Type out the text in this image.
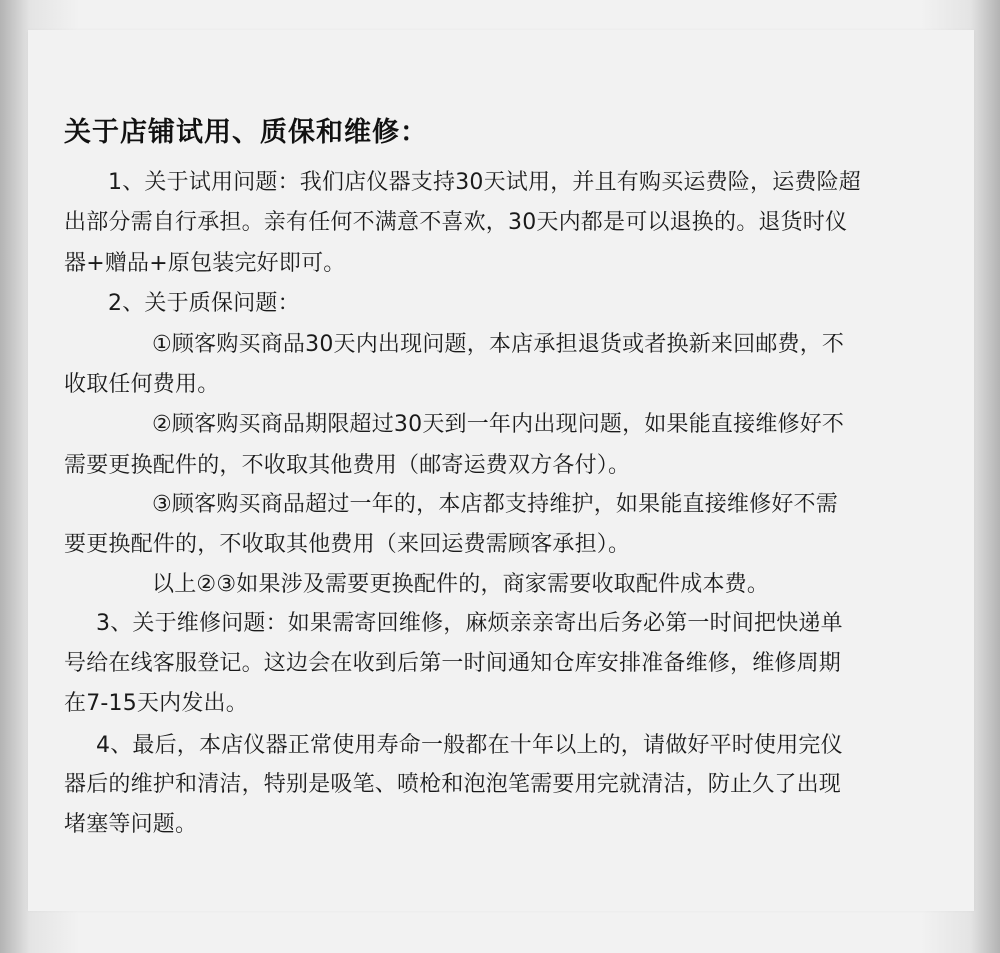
关于店铺试用、质保和维修：
1、关于试用问题：我们店仪器支持30天试用，并且有购买运费险，运费险超
出部分需自行承担。亲有任何不满意不喜欢，30天内都是可以退换的。退货时仪
器+赠品+原包装完好即可。
2、关于质保问题：
①顾客购买商品30天内出现问题，本店承担退货或者换新来回邮费，不
收取任何费用。
②顾客购买商品期限超过30天到一年内出现问题，如果能直接维修好不
需要更换配件的，不收取其他费用（邮寄运费双方各付）。
③顾客购买商品超过一年的，本店都支持维护，如果能直接维修好不需
要更换配件的，不收取其他费用（来回运费需顾客承担）。
以上②③如果涉及需要更换配件的，商家需要收取配件成本费。
3、关于维修问题：如果需寄回维修，麻烦亲亲寄出后务必第一时间把快递单
号给在线客服登记。这边会在收到后第一时间通知仓库安排准备维修，维修周期
在7-15天内发出。
4、最后，本店仪器正常使用寿命一般都在十年以上的，请做好平时使用完仪
器后的维护和清洁，特别是吸笔、喷枪和泡泡笔需要用完就清洁，防止久了出现
堵塞等问题。
